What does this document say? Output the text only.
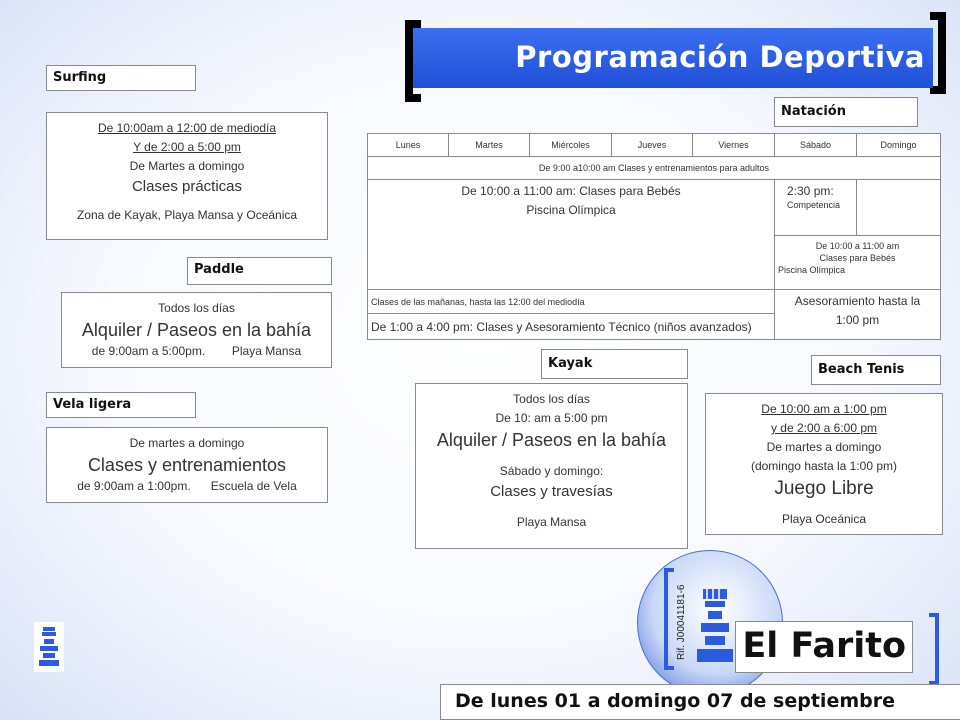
Programación Deportiva
Surfing
De 10:00am a 12:00 de mediodía
Y de 2:00 a 5:00 pm
De Martes a domingo
Clases prácticas
Zona de Kayak, Playa Mansa y Oceánica
Paddle
Todos los días
Alquiler / Paseos en la bahía
de 9:00am a 5:00pm. Playa Mansa
Vela ligera
De martes a domingo
Clases y entrenamientos
de 9:00am a 1:00pm. Escuela de Vela
Natación
Lunes	Martes	Miércoles	Jueves	Viernes	Sábado	Domingo
De 9:00 a10:00 am Clases y entrenamientos para adultos						

De 10:00 a 11:00 am: Clases para Bebés
Piscina Olímpica					2:30 pm:
Competencia	

					De 10:00 a 11:00 am
Clases para Bebés
Piscina Olímpica	

Clases de las mañanas, hasta las 12:00 del mediodía					Asesoramiento hasta la
1:00 pm	

De 1:00 a 4:00 pm: Clases y Asesoramiento Técnico (niños avanzados)						
Kayak
Todos los días
De 10: am a 5:00 pm
Alquiler / Paseos en la bahía
Sábado y domingo:
Clases y travesías
Playa Mansa
Beach Tenis
De 10:00 am a 1:00 pm
y de 2:00 a 6:00 pm
De martes a domingo
(domingo hasta la 1:00 pm)
Juego Libre
Playa Oceánica
El Farito
Rif. J00041181-6
De lunes 01 a domingo 07 de septiembre
